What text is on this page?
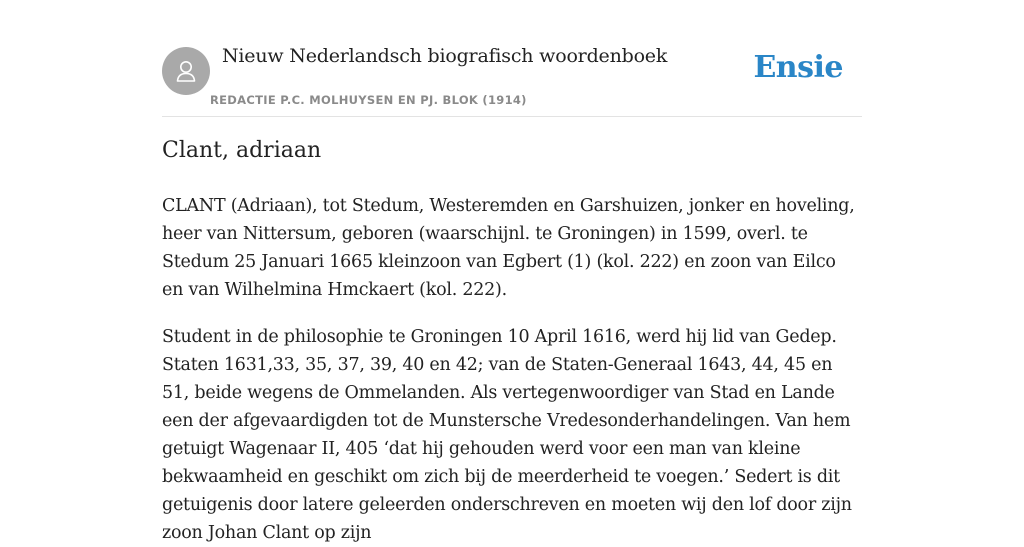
Nieuw Nederlandsch biografisch woordenboek
REDACTIE P.C. MOLHUYSEN EN PJ. BLOK (1914)
Ensie
Clant, adriaan

CLANT (Adriaan), tot Stedum, Westeremden en Garshuizen, jonker en hoveling, heer van Nittersum, geboren (waarschijnl. te Groningen) in 1599, overl. te Stedum 25 Januari 1665 kleinzoon van Egbert (1) (kol. 222) en zoon van Eilco en van Wilhelmina Hmckaert (kol. 222).

Student in de philosophie te Groningen 10 April 1616, werd hij lid van Gedep. Staten 1631,33, 35, 37, 39, 40 en 42; van de Staten-Generaal 1643, 44, 45 en 51, beide wegens de Ommelanden. Als vertegenwoordiger van Stad en Lande een der afgevaardigden tot de Munstersche Vredesonderhandelingen. Van hem getuigt Wagenaar II, 405 ‘dat hij gehouden werd voor een man van kleine bekwaamheid en geschikt om zich bij de meerderheid te voegen.’ Sedert is dit getuigenis door latere geleerden onderschreven en moeten wij den lof door zijn zoon Johan Clant op zijn
